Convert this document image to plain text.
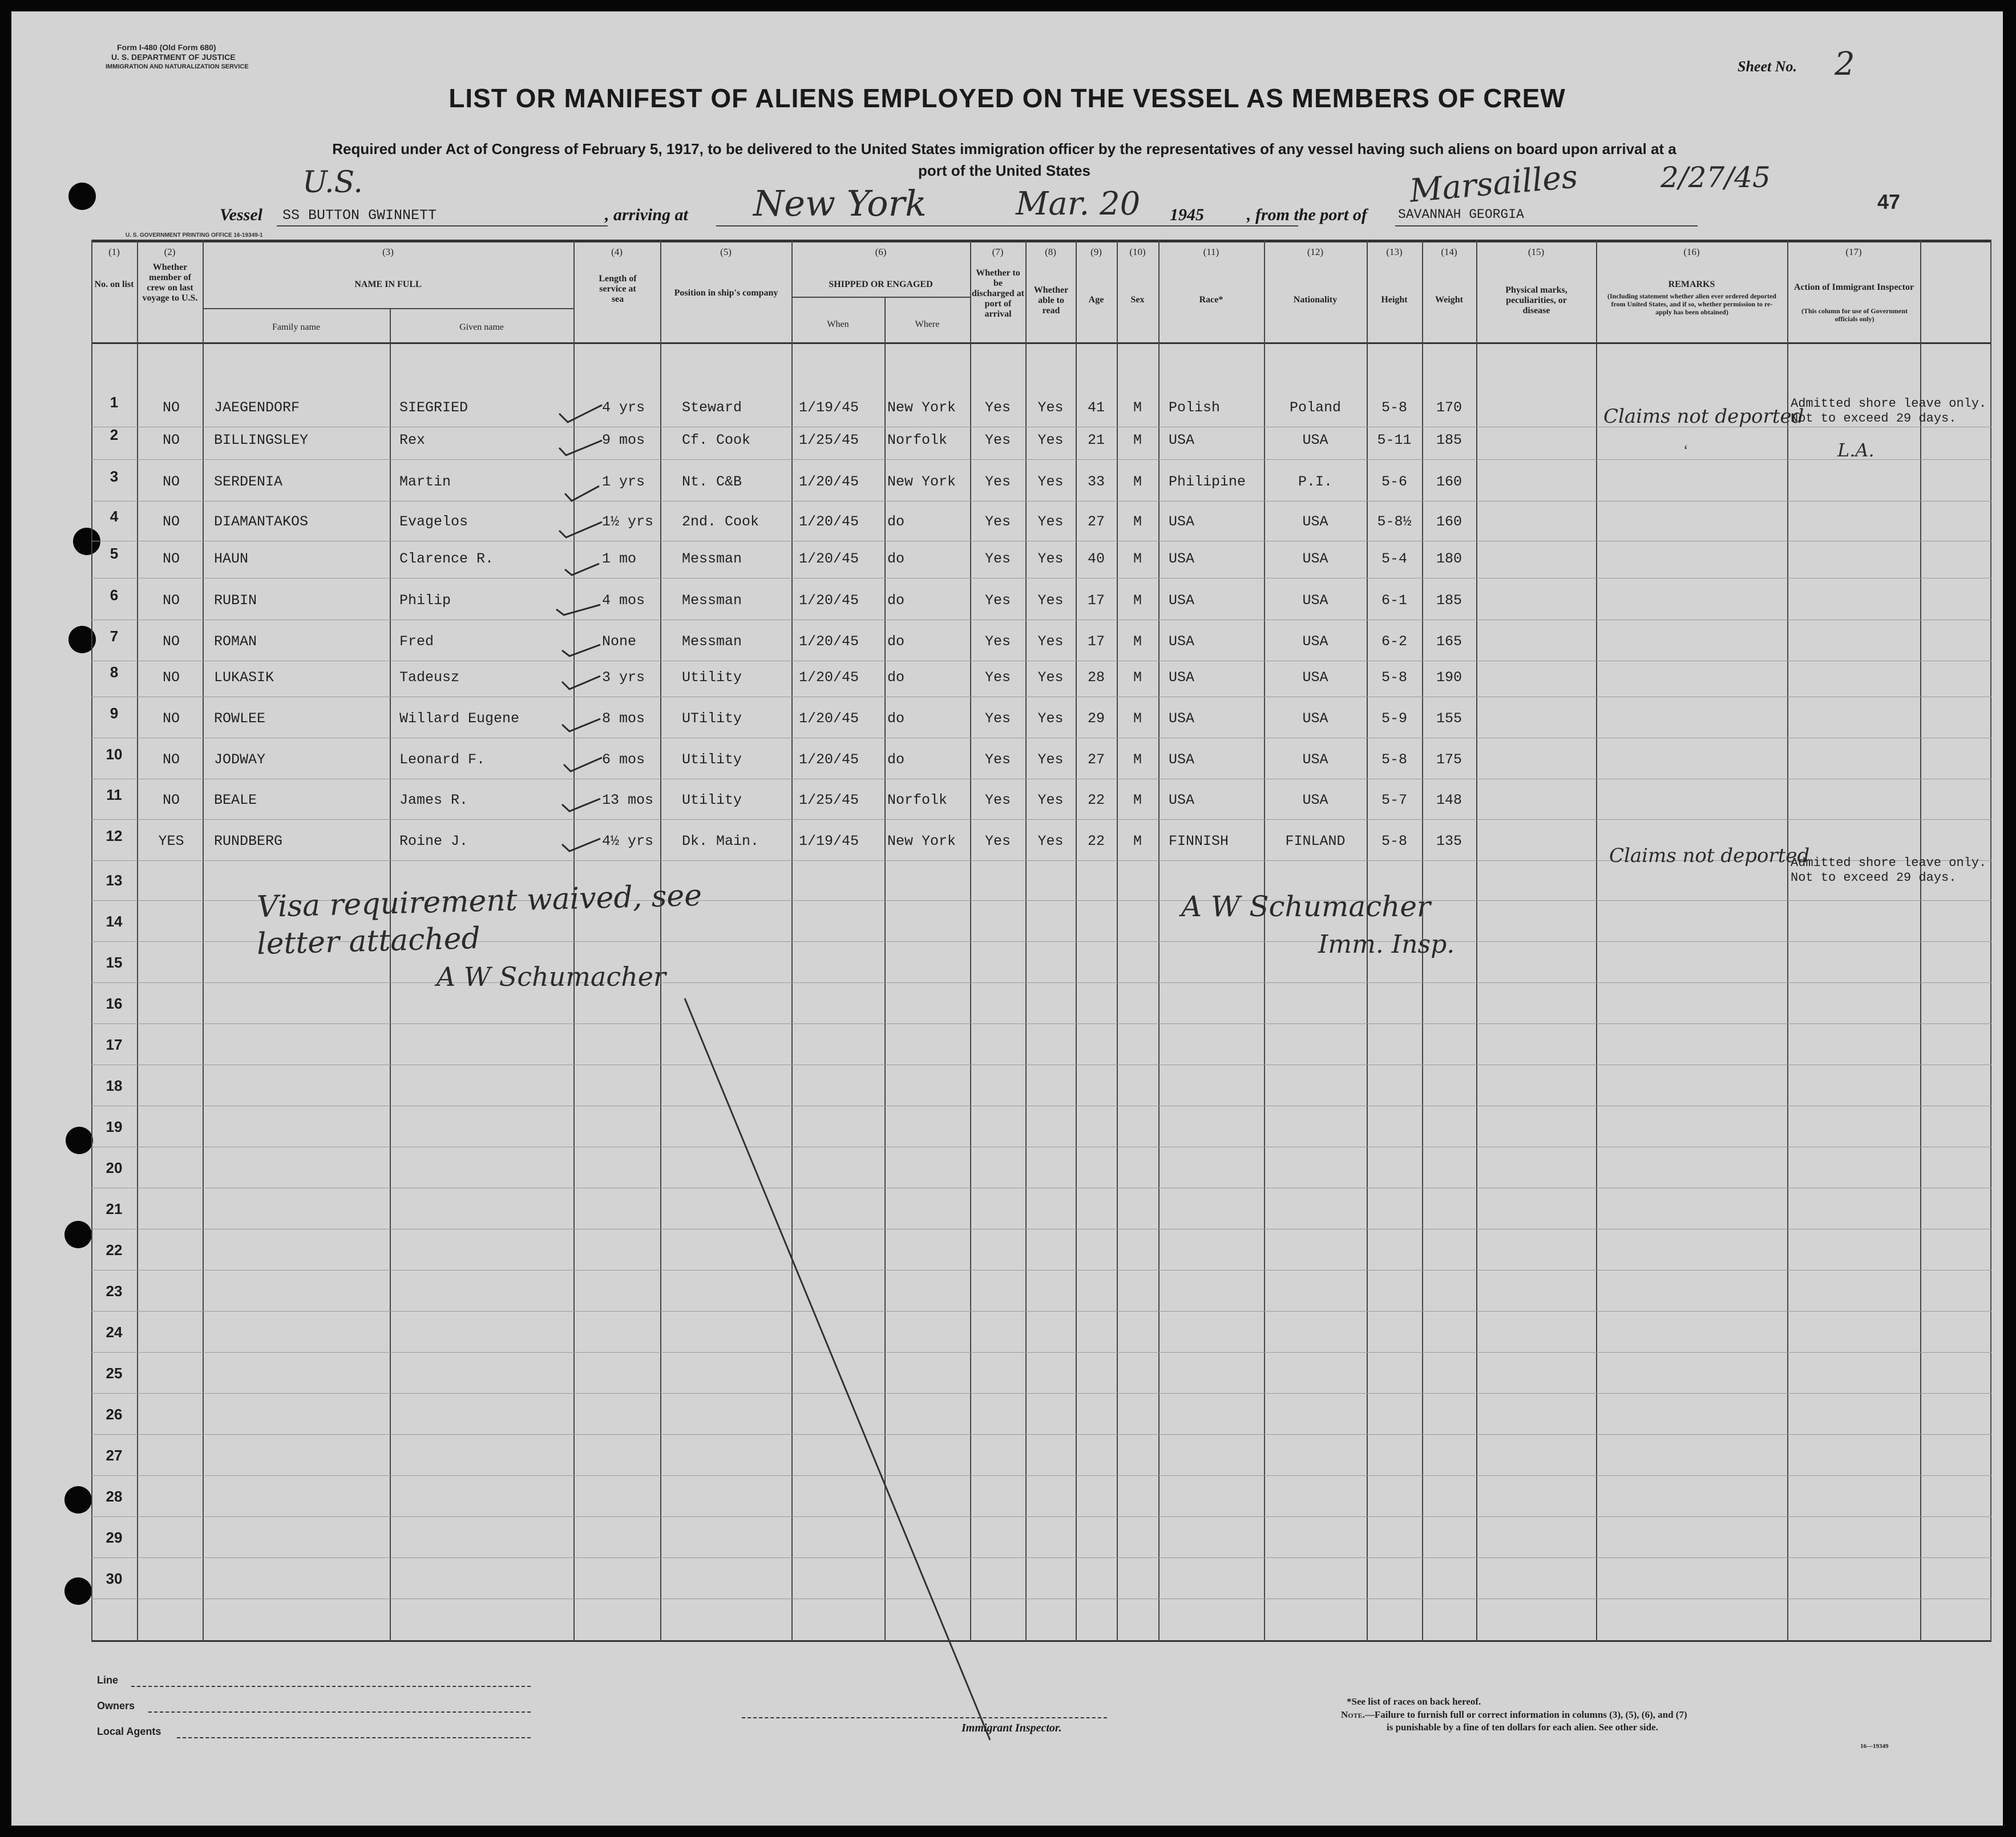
Form I-480 (Old Form 680)
U. S. DEPARTMENT OF JUSTICE
IMMIGRATION AND NATURALIZATION SERVICE	Sheet No. 2
LIST OR MANIFEST OF ALIENS EMPLOYED ON THE VESSEL AS MEMBERS OF CREW
Required under Act of Congress of February 5, 1917, to be delivered to the United States immigration officer by the representatives of any vessel having such aliens on board upon arrival at a
port of the United States
U.S.
Vessel SS BUTTON GWINNETT	, arriving at New York	Mar. 20 1945	, from the port of SAVANNAH GEORGIA
Marsailles	2/27/45
47
U. S. GOVERNMENT PRINTING OFFICE 16-19349-1
(1)	(2)	(3)	(4)	(5)	(6)	(7)	(8)	(9)	(10)	(11)	(12)	(13)	(14)	(15)	(16)	(17)
No. on list
Whether member of crew on last voyage to U.S.
NAME IN FULL
Family name	Given name
Length of service at sea
Position in ship's company
SHIPPED OR ENGAGED
When	Where
Whether to be discharged at port of arrival
Whether able to read
Age	Sex	Race*	Nationality	Height	Weight
Physical marks, peculiarities, or disease
REMARKS
(Including statement whether alien ever ordered deported from United States, and if so, whether permission to re-apply has been obtained)
Action of Immigrant Inspector
(This column for use of Government officials only)
1	NO	JAEGENDORF	SIEGRIED	4 yrs	Steward	1/19/45	New York	Yes	Yes	41	M	Polish	Poland	5-8	170
2	NO	BILLINGSLEY	Rex	9 mos	Cf. Cook	1/25/45	Norfolk	Yes	Yes	21	M	USA	USA	5-11	185
3	NO	SERDENIA	Martin	1 yrs	Nt. C&B	1/20/45	New York	Yes	Yes	33	M	Philipine	P.I.	5-6	160
4	NO	DIAMANTAKOS	Evagelos	1½ yrs	2nd. Cook	1/20/45	do	Yes	Yes	27	M	USA	USA	5-8½	160
5	NO	HAUN	Clarence R.	1 mo	Messman	1/20/45	do	Yes	Yes	40	M	USA	USA	5-4	180
6	NO	RUBIN	Philip	4 mos	Messman	1/20/45	do	Yes	Yes	17	M	USA	USA	6-1	185
7	NO	ROMAN	Fred	None	Messman	1/20/45	do	Yes	Yes	17	M	USA	USA	6-2	165
8	NO	LUKASIK	Tadeusz	3 yrs	Utility	1/20/45	do	Yes	Yes	28	M	USA	USA	5-8	190
9	NO	ROWLEE	Willard Eugene	8 mos	UTility	1/20/45	do	Yes	Yes	29	M	USA	USA	5-9	155
10	NO	JODWAY	Leonard F.	6 mos	Utility	1/20/45	do	Yes	Yes	27	M	USA	USA	5-8	175
11	NO	BEALE	James R.	13 mos	Utility	1/25/45	Norfolk	Yes	Yes	22	M	USA	USA	5-7	148
12	YES	RUNDBERG	Roine J.	4½ yrs	Dk. Main.	1/19/45	New York	Yes	Yes	22	M	FINNISH	FINLAND	5-8	135
13
14
15
16
17
18
19
20
21
22
23
24
25
26
27
28
29
30
Claims not deported
Claims not deported
‘
Admitted shore leave only. Not to exceed 29 days.
L.A.
Admitted shore leave only. Not to exceed 29 days.
Visa requirement waived, see
letter attached
A W Schumacher
A W Schumacher
Imm. Insp.
Line
Owners
Local Agents	Immigrant Inspector.
*See list of races on back hereof.
Note.—Failure to furnish full or correct information in columns (3), (5), (6), and (7)
is punishable by a fine of ten dollars for each alien. See other side.
16—19349
